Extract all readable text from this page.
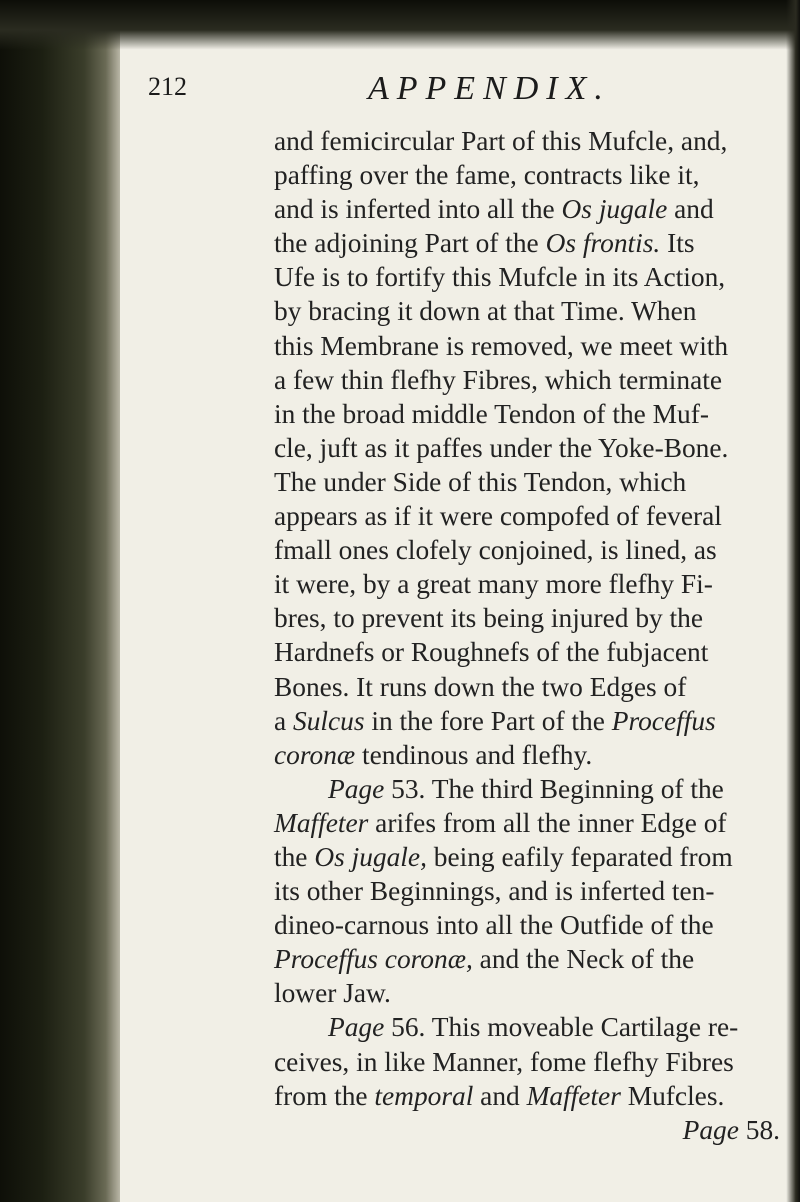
212	APPENDIX.
and femicircular Part of this Mufcle, and,
paffing over the fame, contracts like it,
and is inferted into all the Os jugale and
the adjoining Part of the Os frontis. Its
Ufe is to fortify this Mufcle in its Action,
by bracing it down at that Time. When
this Membrane is removed, we meet with
a few thin flefhy Fibres, which terminate
in the broad middle Tendon of the Muf-
cle, juft as it paffes under the Yoke-Bone.
The under Side of this Tendon, which
appears as if it were compofed of feveral
fmall ones clofely conjoined, is lined, as
it were, by a great many more flefhy Fi-
bres, to prevent its being injured by the
Hardnefs or Roughnefs of the fubjacent
Bones. It runs down the two Edges of
a Sulcus in the fore Part of the Proceffus
coronæ tendinous and flefhy.
Page 53. The third Beginning of the
Maffeter arifes from all the inner Edge of
the Os jugale, being eafily feparated from
its other Beginnings, and is inferted ten-
dineo-carnous into all the Outfide of the
Proceffus coronæ, and the Neck of the
lower Jaw.
Page 56. This moveable Cartilage re-
ceives, in like Manner, fome flefhy Fibres
from the temporal and Maffeter Mufcles.
Page 58.
